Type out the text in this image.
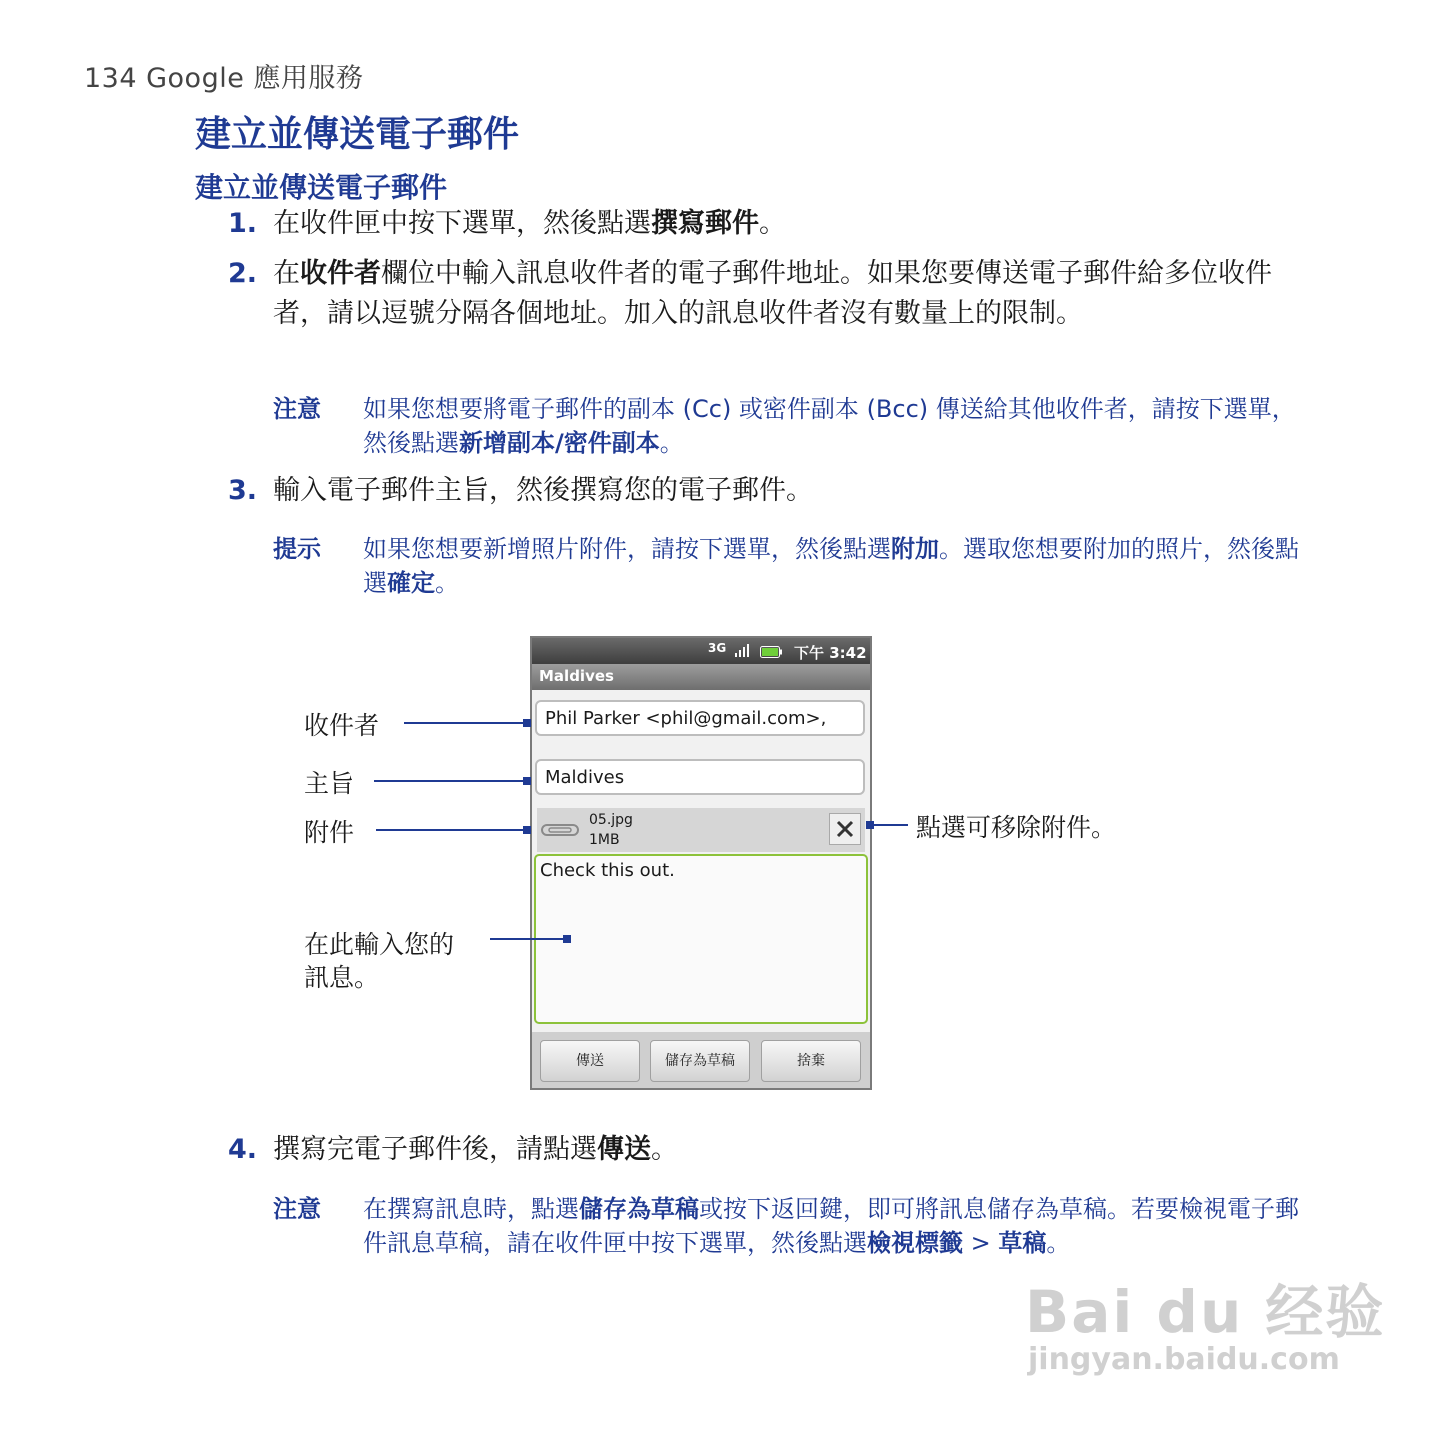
134 Google 應用服務
建立並傳送電子郵件
建立並傳送電子郵件
1. 在收件匣中按下選單，然後點選撰寫郵件。
2. 在收件者欄位中輸入訊息收件者的電子郵件地址。如果您要傳送電子郵件給多位收件者，請以逗號分隔各個地址。加入的訊息收件者沒有數量上的限制。
注意 如果您想要將電子郵件的副本 (Cc) 或密件副本 (Bcc) 傳送給其他收件者，請按下選單，然後點選新增副本/密件副本。
3. 輸入電子郵件主旨，然後撰寫您的電子郵件。
提示 如果您想要新增照片附件，請按下選單，然後點選附加。選取您想要附加的照片，然後點選確定。
3G	下午 3:42
Maldives
Phil Parker <phil@gmail.com>,
Maldives
05.jpg
1MB
Check this out.
傳送	儲存為草稿	捨棄
收件者
主旨
附件
在此輸入您的
訊息。
點選可移除附件。
4. 撰寫完電子郵件後，請點選傳送。
注意 在撰寫訊息時，點選儲存為草稿或按下返回鍵，即可將訊息儲存為草稿。若要檢視電子郵件訊息草稿，請在收件匣中按下選單，然後點選檢視標籤 > 草稿。
Bai du 经验
jingyan.baidu.com
